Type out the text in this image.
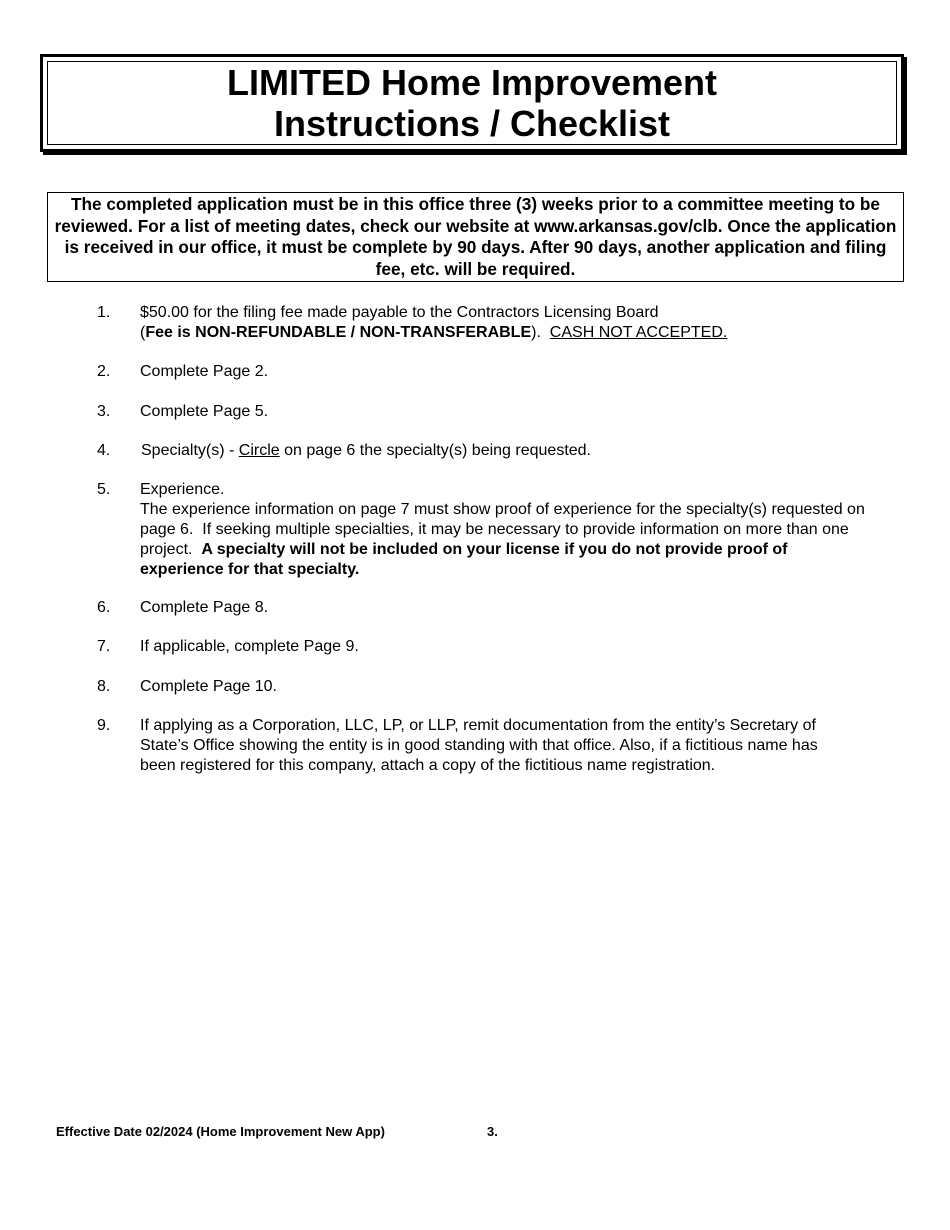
LIMITED Home Improvement
Instructions / Checklist
The completed application must be in this office three (3) weeks prior to a committee meeting to be reviewed. For a list of meeting dates, check our website at www.arkansas.gov/clb. Once the application is received in our office, it must be complete by 90 days. After 90 days, another application and filing fee, etc. will be required.
1.	$50.00 for the filing fee made payable to the Contractors Licensing Board
(Fee is NON-REFUNDABLE / NON-TRANSFERABLE).  CASH NOT ACCEPTED.
2.	Complete Page 2.
3.	Complete Page 5.
4.	Specialty(s) - Circle on page 6 the specialty(s) being requested.
5.	Experience.
The experience information on page 7 must show proof of experience for the specialty(s) requested on page 6.  If seeking multiple specialties, it may be necessary to provide information on more than one project.  A specialty will not be included on your license if you do not provide proof of experience for that specialty.
6.	Complete Page 8.
7.	If applicable, complete Page 9.
8.	Complete Page 10.
9.	If applying as a Corporation, LLC, LP, or LLP, remit documentation from the entity’s Secretary of State’s Office showing the entity is in good standing with that office. Also, if a fictitious name has been registered for this company, attach a copy of the fictitious name registration.
Effective Date 02/2024 (Home Improvement New App)	3.
